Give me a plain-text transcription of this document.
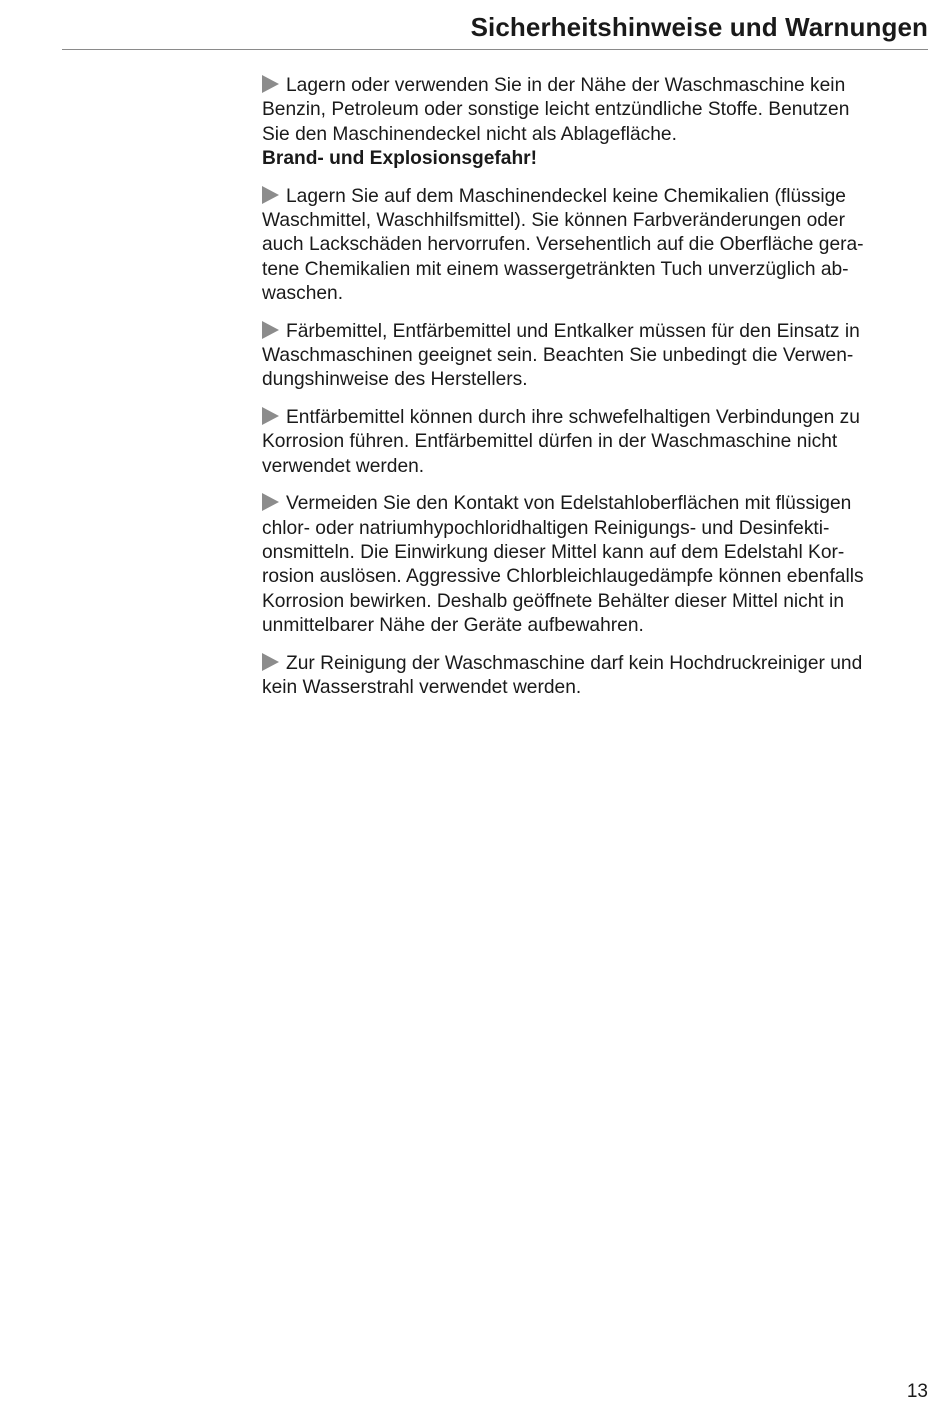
Sicherheitshinweise und Warnungen
Lagern oder verwenden Sie in der Nähe der Waschmaschine kein
Benzin, Petroleum oder sonstige leicht entzündliche Stoffe. Benutzen
Sie den Maschinendeckel nicht als Ablagefläche.
Brand- und Explosionsgefahr!
Lagern Sie auf dem Maschinendeckel keine Chemikalien (flüssige
Waschmittel, Waschhilfsmittel). Sie können Farbveränderungen oder
auch Lackschäden hervorrufen. Versehentlich auf die Oberfläche gera-
tene Chemikalien mit einem wassergetränkten Tuch unverzüglich ab-
waschen.
Färbemittel, Entfärbemittel und Entkalker müssen für den Einsatz in
Waschmaschinen geeignet sein. Beachten Sie unbedingt die Verwen-
dungshinweise des Herstellers.
Entfärbemittel können durch ihre schwefelhaltigen Verbindungen zu
Korrosion führen. Entfärbemittel dürfen in der Waschmaschine nicht
verwendet werden.
Vermeiden Sie den Kontakt von Edelstahloberflächen mit flüssigen
chlor- oder natriumhypochloridhaltigen Reinigungs- und Desinfekti-
onsmitteln. Die Einwirkung dieser Mittel kann auf dem Edelstahl Kor-
rosion auslösen. Aggressive Chlorbleichlaugedämpfe können ebenfalls
Korrosion bewirken. Deshalb geöffnete Behälter dieser Mittel nicht in
unmittelbarer Nähe der Geräte aufbewahren.
Zur Reinigung der Waschmaschine darf kein Hochdruckreiniger und
kein Wasserstrahl verwendet werden.
13
